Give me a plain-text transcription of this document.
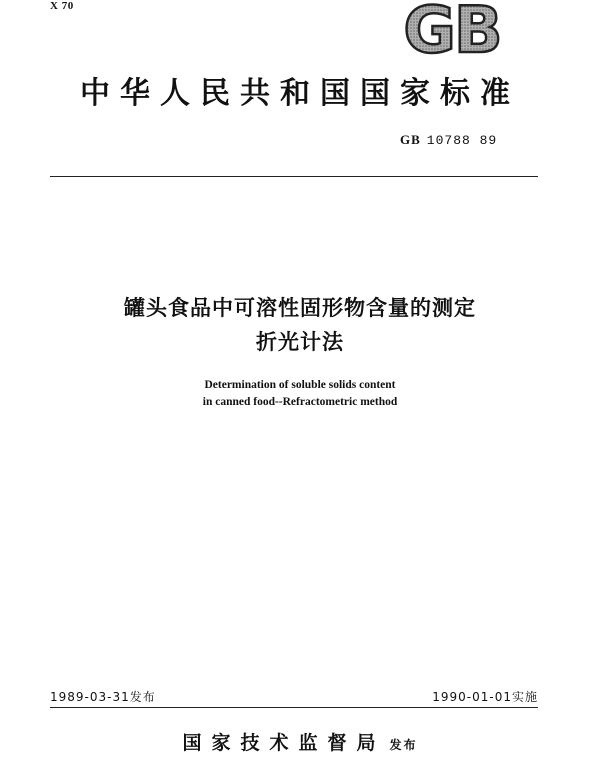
X 70	GB
中华人民共和国国家标准
GB 10788 89
罐头食品中可溶性固形物含量的测定
折光计法
Determination of soluble solids content
in canned food--Refractometric method
1989-03-31发布	1990-01-01实施
国家技术监督局 发布
